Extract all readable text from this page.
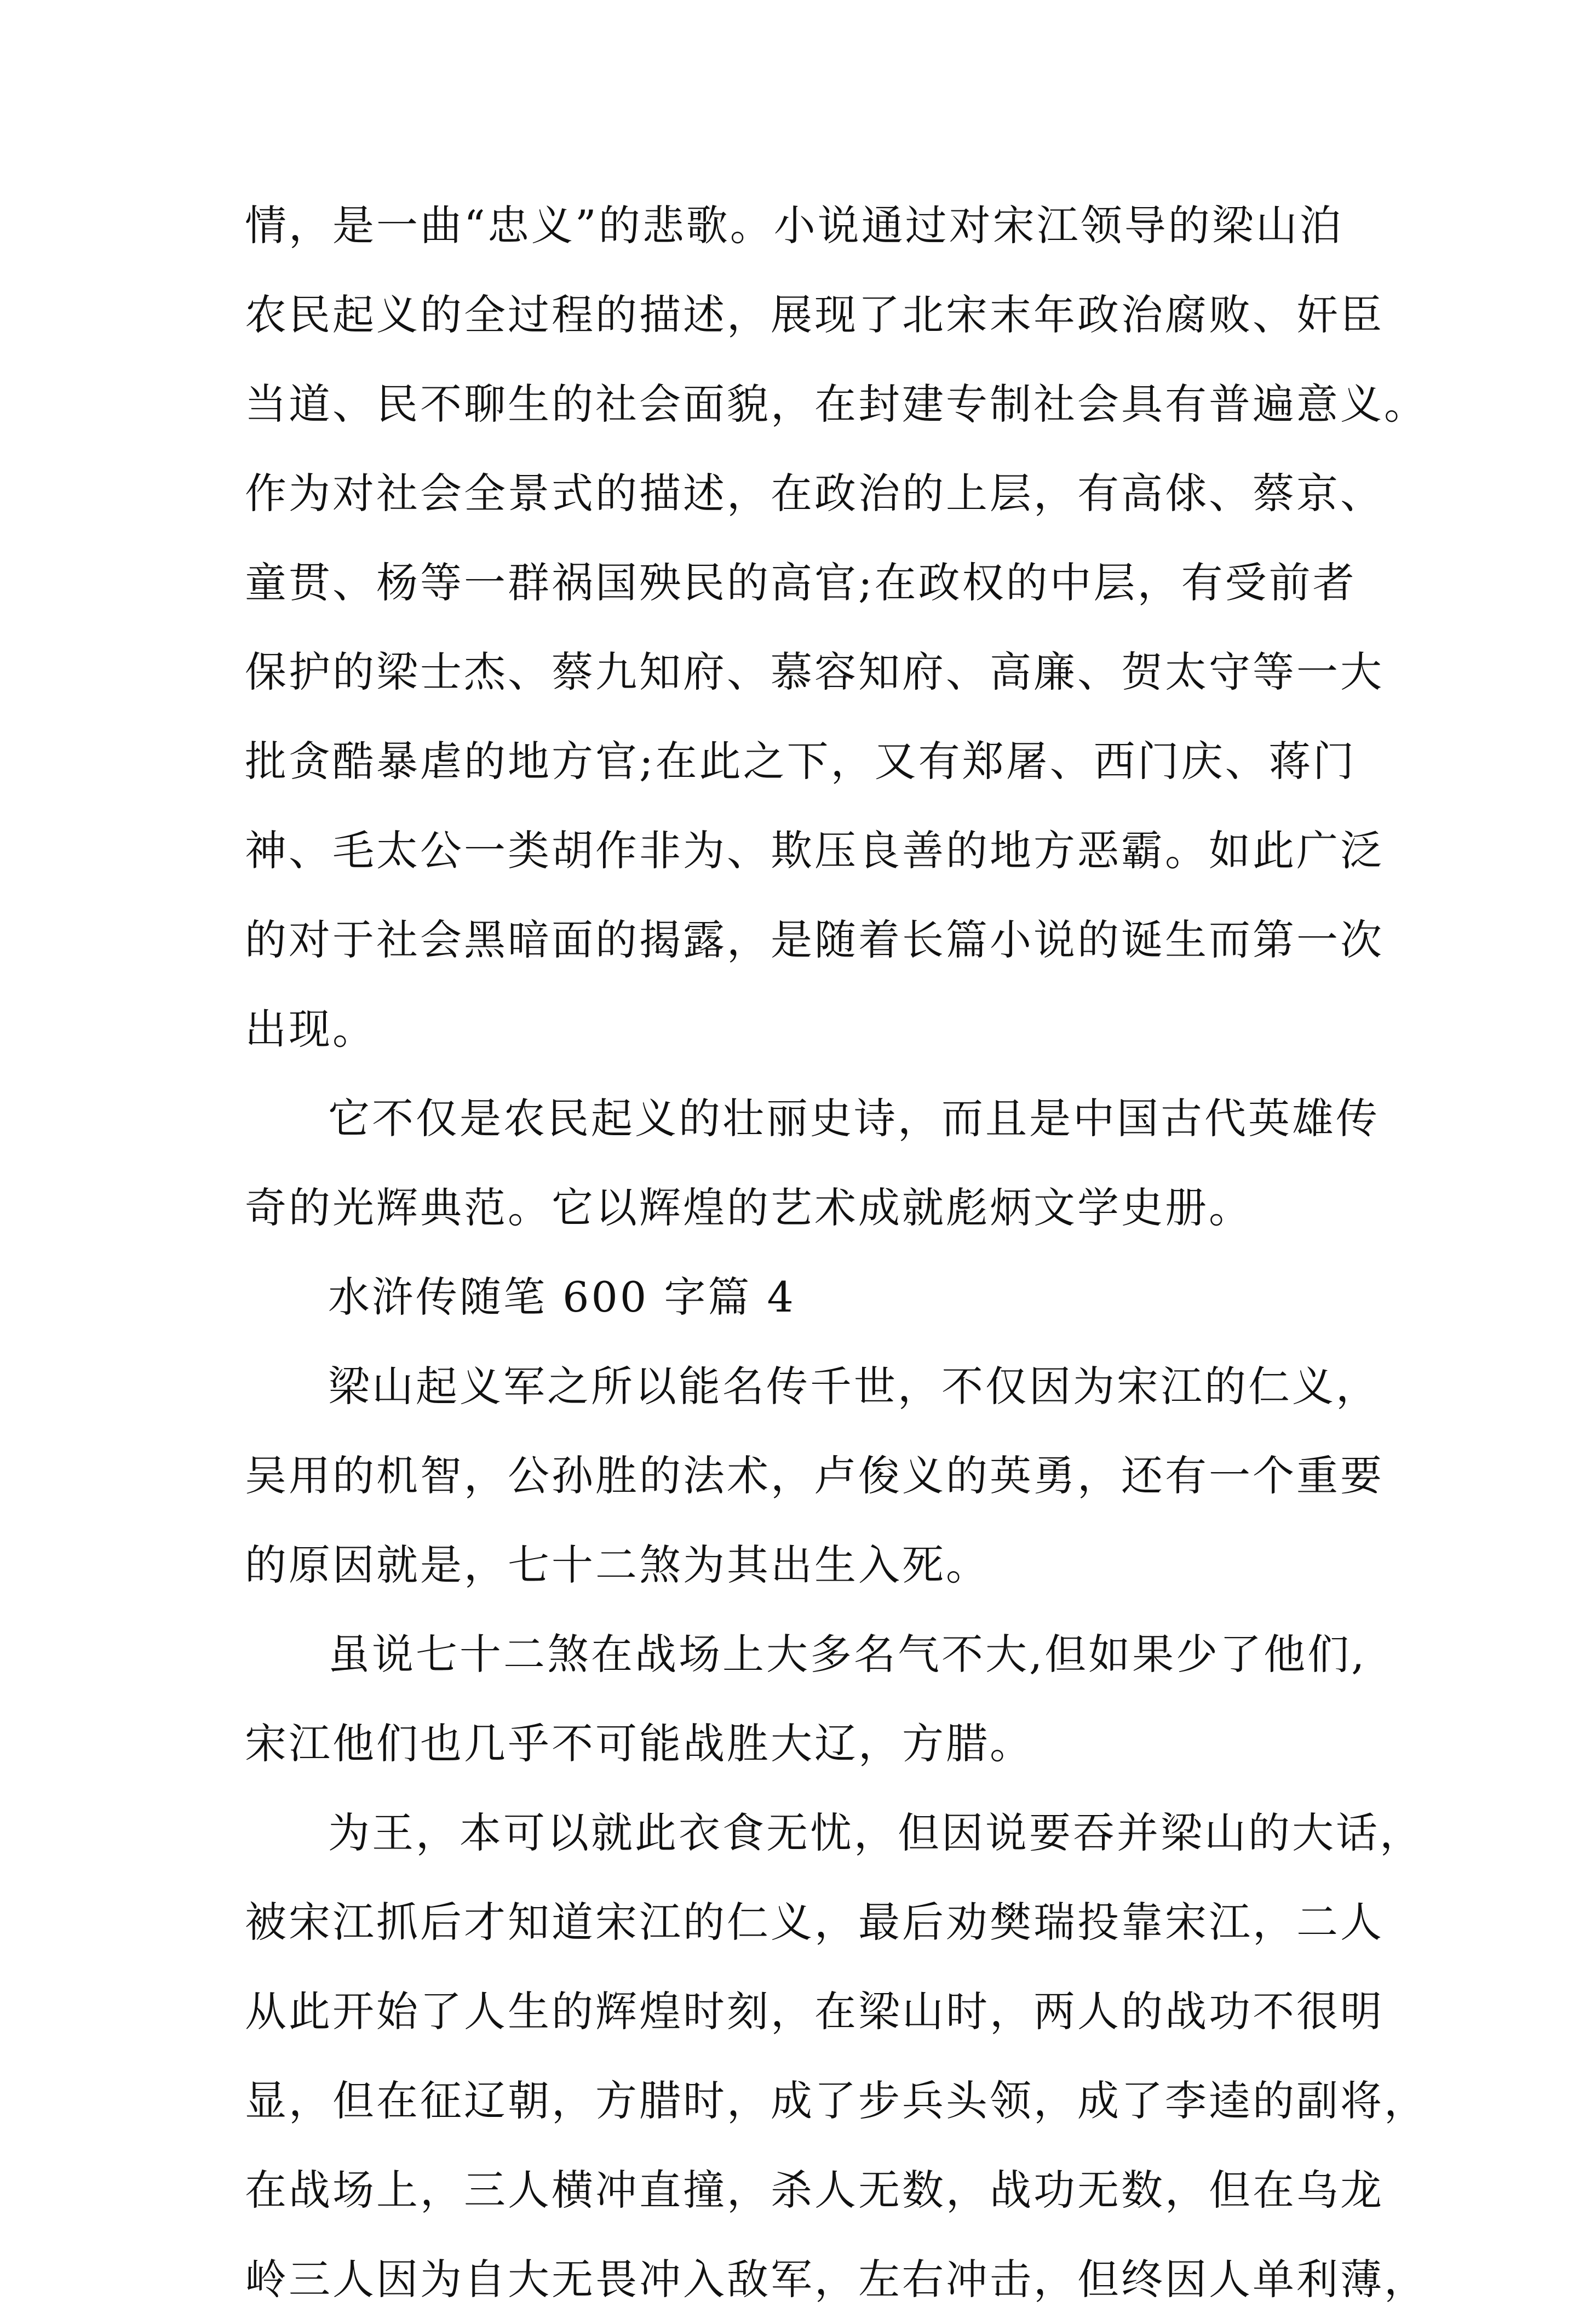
情，是一曲“忠义”的悲歌。小说通过对宋江领导的梁山泊
农民起义的全过程的描述，展现了北宋末年政治腐败、奸臣
当道、民不聊生的社会面貌，在封建专制社会具有普遍意义。
作为对社会全景式的描述，在政治的上层，有高俅、蔡京、
童贯、杨等一群祸国殃民的高官;在政权的中层，有受前者
保护的梁士杰、蔡九知府、慕容知府、高廉、贺太守等一大
批贪酷暴虐的地方官;在此之下，又有郑屠、西门庆、蒋门
神、毛太公一类胡作非为、欺压良善的地方恶霸。如此广泛
的对于社会黑暗面的揭露，是随着长篇小说的诞生而第一次
出现。
它不仅是农民起义的壮丽史诗，而且是中国古代英雄传
奇的光辉典范。它以辉煌的艺术成就彪炳文学史册。
水浒传随笔 600 字篇 4
梁山起义军之所以能名传千世，不仅因为宋江的仁义，
吴用的机智，公孙胜的法术，卢俊义的英勇，还有一个重要
的原因就是，七十二煞为其出生入死。
虽说七十二煞在战场上大多名气不大,但如果少了他们,
宋江他们也几乎不可能战胜大辽，方腊。
为王，本可以就此衣食无忧，但因说要吞并梁山的大话，
被宋江抓后才知道宋江的仁义，最后劝樊瑞投靠宋江，二人
从此开始了人生的辉煌时刻，在梁山时，两人的战功不很明
显，但在征辽朝，方腊时，成了步兵头领，成了李逵的副将，
在战场上，三人横冲直撞，杀人无数，战功无数，但在乌龙
岭三人因为自大无畏冲入敌军，左右冲击，但终因人单利薄，
